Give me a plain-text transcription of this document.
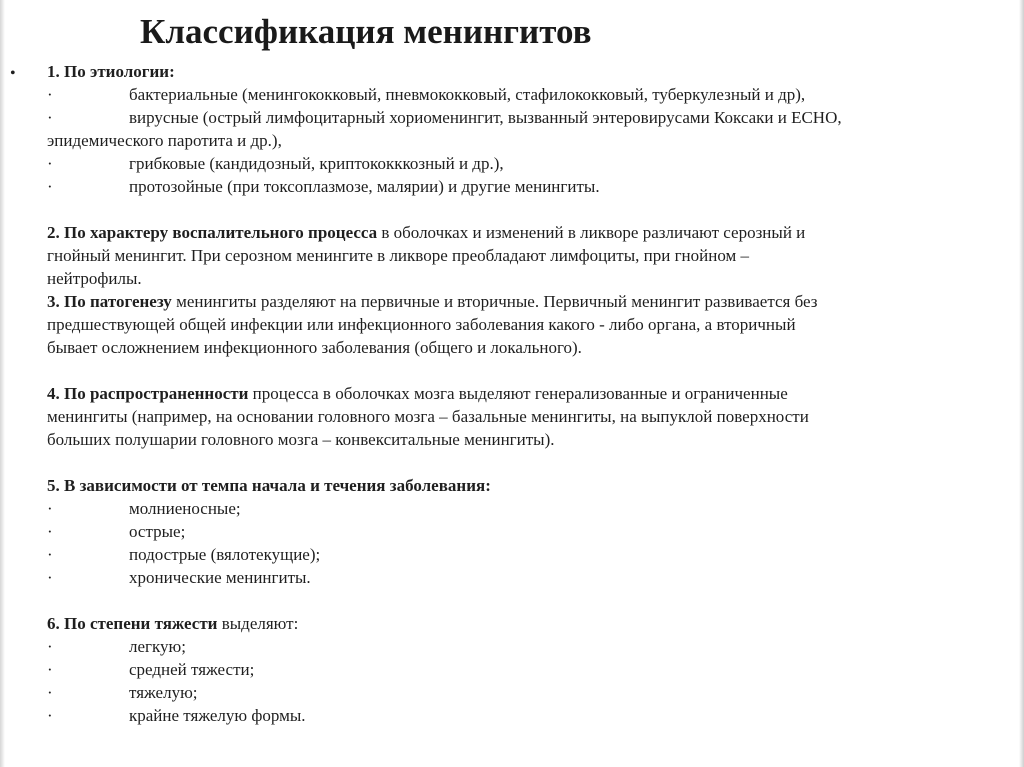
Классификация менингитов
• 1. По этиологии:
·	бактериальные (менингококковый, пневмококковый, стафилококковый, туберкулезный и др),
·	вирусные (острый лимфоцитарный хориоменингит, вызванный энтеровирусами Коксаки и ЕСНО,
эпидемического паротита и др.),
·	грибковые (кандидозный, криптококккозный и др.),
·	протозойные (при токсоплазмозе, малярии) и другие менингиты.
2. По характеру воспалительного процесса в оболочках и изменений в ликворе различают серозный и
гнойный менингит. При серозном менингите в ликворе преобладают лимфоциты, при гнойном –
нейтрофилы.
3. По патогенезу менингиты разделяют на первичные и вторичные. Первичный менингит развивается без
предшествующей общей инфекции или инфекционного заболевания какого - либо органа, а вторичный
бывает осложнением инфекционного заболевания (общего и локального).
4. По распространенности процесса в оболочках мозга выделяют генерализованные и ограниченные
менингиты (например, на основании головного мозга – базальные менингиты, на выпуклой поверхности
больших полушарии головного мозга – конвекситальные менингиты).
5. В зависимости от темпа начала и течения заболевания:
·	молниеносные;
·	острые;
·	подострые (вялотекущие);
·	хронические менингиты.
6. По степени тяжести выделяют:
·	легкую;
·	средней тяжести;
·	тяжелую;
·	крайне тяжелую формы.
